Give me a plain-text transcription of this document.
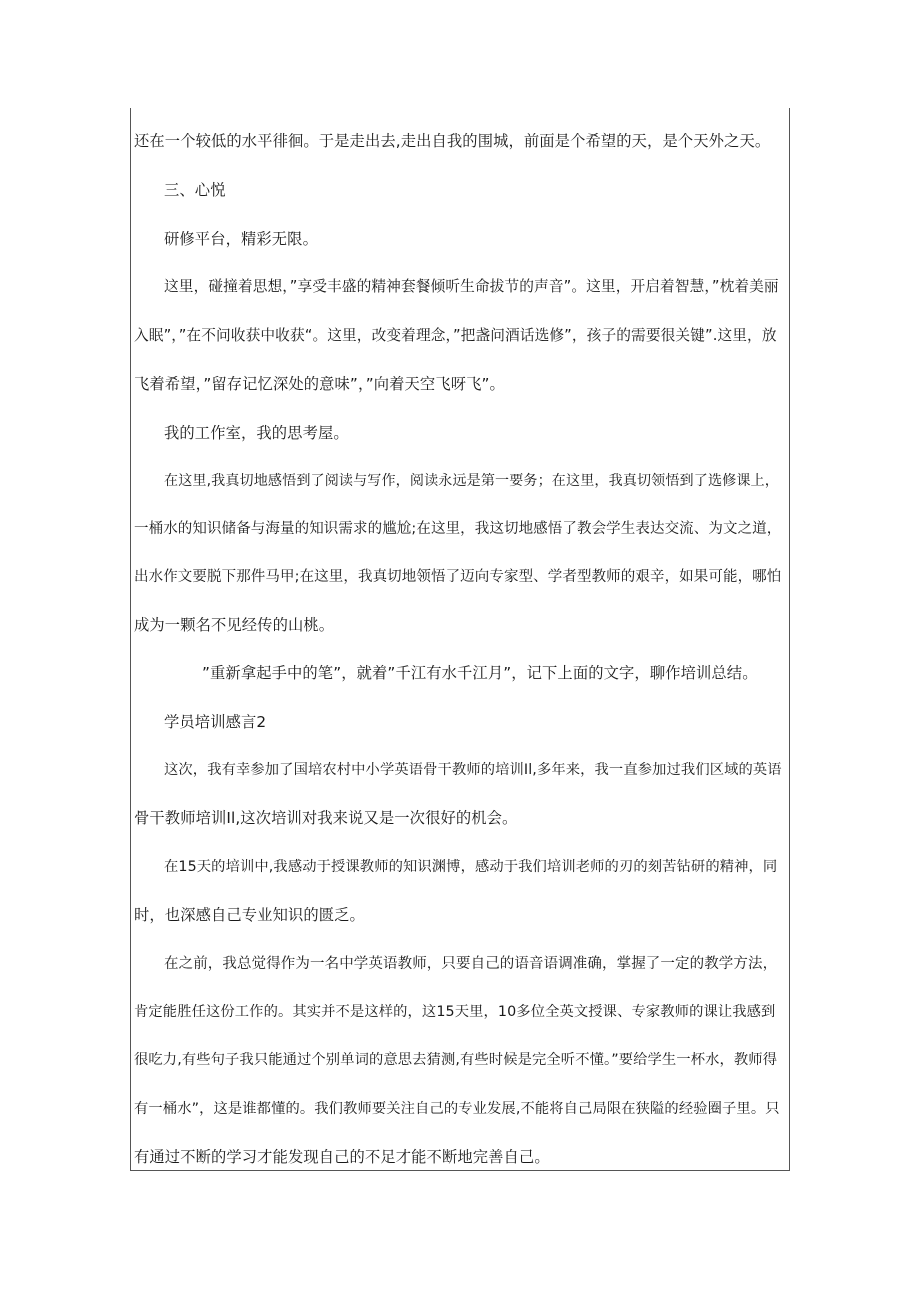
还在一个较低的水平徘徊。于是走出去,走出自我的围城，前面是个希望的天，是个天外之天。
三、心悦
研修平台，精彩无限。
这里，碰撞着思想，”享受丰盛的精神套餐倾听生命拔节的声音”。这里，开启着智慧，”枕着美丽
入眠”，”在不问收获中收获“。这里，改变着理念，”把盏问酒话选修”，孩子的需要很关键”.这里，放
飞着希望，”留存记忆深处的意味”，”向着天空飞呀飞”。
我的工作室，我的思考屋。
在这里,我真切地感悟到了阅读与写作，阅读永远是第一要务；在这里，我真切领悟到了选修课上，
一桶水的知识储备与海量的知识需求的尴尬;在这里，我这切地感悟了教会学生表达交流、为文之道，
出水作文要脱下那件马甲;在这里，我真切地领悟了迈向专家型、学者型教师的艰辛，如果可能，哪怕
成为一颗名不见经传的山桃。
”重新拿起手中的笔”，就着”千江有水千江月”，记下上面的文字，聊作培训总结。
学员培训感言2
这次，我有幸参加了国培农村中小学英语骨干教师的培训Il,多年来，我一直参加过我们区域的英语
骨干教师培训Il,这次培训对我来说又是一次很好的机会。
在15天的培训中,我感动于授课教师的知识渊博，感动于我们培训老师的刃的刻苦钻研的精神，同
时，也深感自己专业知识的匮乏。
在之前，我总觉得作为一名中学英语教师，只要自己的语音语调准确，掌握了一定的教学方法，
肯定能胜任这份工作的。其实并不是这样的，这15天里，10多位全英文授课、专家教师的课让我感到
很吃力,有些句子我只能通过个别单词的意思去猜测,有些时候是完全听不懂。”要给学生一杯水，教师得
有一桶水”，这是谁都懂的。我们教师要关注自己的专业发展,不能将自己局限在狭隘的经验圈子里。只
有通过不断的学习才能发现自己的不足才能不断地完善自己。
